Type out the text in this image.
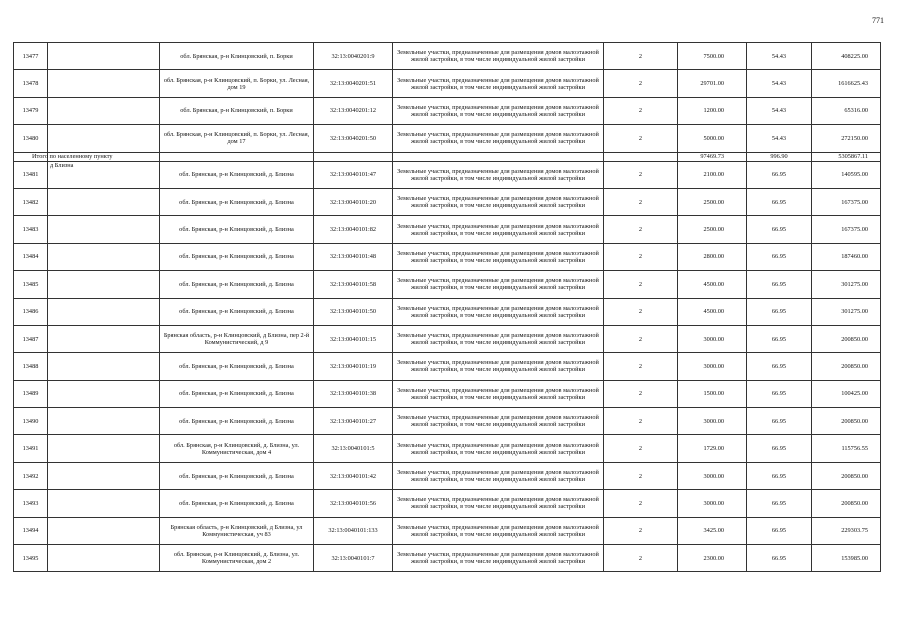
771
13477		обл. Брянская, р-н Клинцовский, п. Борки	32:13:0040201:9	Земельные участки, предназначенные для размещения домов малоэтажной жилой застройки, в том числе индивидуальной жилой застройки	2	7500.00	54.43	408225.00
13478		обл. Брянская, р-н Клинцовский, п. Борки, ул. Лесная, дом 19	32:13:0040201:51	Земельные участки, предназначенные для размещения домов малоэтажной жилой застройки, в том числе индивидуальной жилой застройки	2	29701.00	54.43	1616625.43
13479		обл. Брянская, р-н Клинцовский, п. Борки	32:13:0040201:12	Земельные участки, предназначенные для размещения домов малоэтажной жилой застройки, в том числе индивидуальной жилой застройки	2	1200.00	54.43	65316.00
13480		обл. Брянская, р-н Клинцовский, п. Борки, ул. Лесная, дом 17	32:13:0040201:50	Земельные участки, предназначенные для размещения домов малоэтажной жилой застройки, в том числе индивидуальной жилой застройки	2	5000.00	54.43	272150.00
	Итого по населенному пункту					97469.73	996.90	5305867.11
13481	д Близна	обл. Брянская, р-н Клинцовский, д. Близна	32:13:0040101:47	Земельные участки, предназначенные для размещения домов малоэтажной жилой застройки, в том числе индивидуальной жилой застройки	2	2100.00	66.95	140595.00
13482		обл. Брянская, р-н Клинцовский, д. Близна	32:13:0040101:20	Земельные участки, предназначенные для размещения домов малоэтажной жилой застройки, в том числе индивидуальной жилой застройки	2	2500.00	66.95	167375.00
13483		обл. Брянская, р-н Клинцовский, д. Близна	32:13:0040101:82	Земельные участки, предназначенные для размещения домов малоэтажной жилой застройки, в том числе индивидуальной жилой застройки	2	2500.00	66.95	167375.00
13484		обл. Брянская, р-н Клинцовский, д. Близна	32:13:0040101:48	Земельные участки, предназначенные для размещения домов малоэтажной жилой застройки, в том числе индивидуальной жилой застройки	2	2800.00	66.95	187460.00
13485		обл. Брянская, р-н Клинцовский, д. Близна	32:13:0040101:58	Земельные участки, предназначенные для размещения домов малоэтажной жилой застройки, в том числе индивидуальной жилой застройки	2	4500.00	66.95	301275.00
13486		обл. Брянская, р-н Клинцовский, д. Близна	32:13:0040101:50	Земельные участки, предназначенные для размещения домов малоэтажной жилой застройки, в том числе индивидуальной жилой застройки	2	4500.00	66.95	301275.00
13487		Брянская область, р-н Клинцовский, д Близна, пер 2-й Коммунистический, д 9	32:13:0040101:15	Земельные участки, предназначенные для размещения домов малоэтажной жилой застройки, в том числе индивидуальной жилой застройки	2	3000.00	66.95	200850.00
13488		обл. Брянская, р-н Клинцовский, д. Близна	32:13:0040101:19	Земельные участки, предназначенные для размещения домов малоэтажной жилой застройки, в том числе индивидуальной жилой застройки	2	3000.00	66.95	200850.00
13489		обл. Брянская, р-н Клинцовский, д. Близна	32:13:0040101:38	Земельные участки, предназначенные для размещения домов малоэтажной жилой застройки, в том числе индивидуальной жилой застройки	2	1500.00	66.95	100425.00
13490		обл. Брянская, р-н Клинцовский, д. Близна	32:13:0040101:27	Земельные участки, предназначенные для размещения домов малоэтажной жилой застройки, в том числе индивидуальной жилой застройки	2	3000.00	66.95	200850.00
13491		обл. Брянская, р-н Клинцовский, д. Близна, ул. Коммунистическая, дом 4	32:13:0040101:5	Земельные участки, предназначенные для размещения домов малоэтажной жилой застройки, в том числе индивидуальной жилой застройки	2	1729.00	66.95	115756.55
13492		обл. Брянская, р-н Клинцовский, д. Близна	32:13:0040101:42	Земельные участки, предназначенные для размещения домов малоэтажной жилой застройки, в том числе индивидуальной жилой застройки	2	3000.00	66.95	200850.00
13493		обл. Брянская, р-н Клинцовский, д. Близна	32:13:0040101:56	Земельные участки, предназначенные для размещения домов малоэтажной жилой застройки, в том числе индивидуальной жилой застройки	2	3000.00	66.95	200850.00
13494		Брянская область, р-н Клинцовский, д Близна, ул Коммунистическая, уч 83	32:13:0040101:133	Земельные участки, предназначенные для размещения домов малоэтажной жилой застройки, в том числе индивидуальной жилой застройки	2	3425.00	66.95	229303.75
13495		обл. Брянская, р-н Клинцовский, д. Близна, ул. Коммунистическая, дом 2	32:13:0040101:7	Земельные участки, предназначенные для размещения домов малоэтажной жилой застройки, в том числе индивидуальной жилой застройки	2	2300.00	66.95	153985.00
